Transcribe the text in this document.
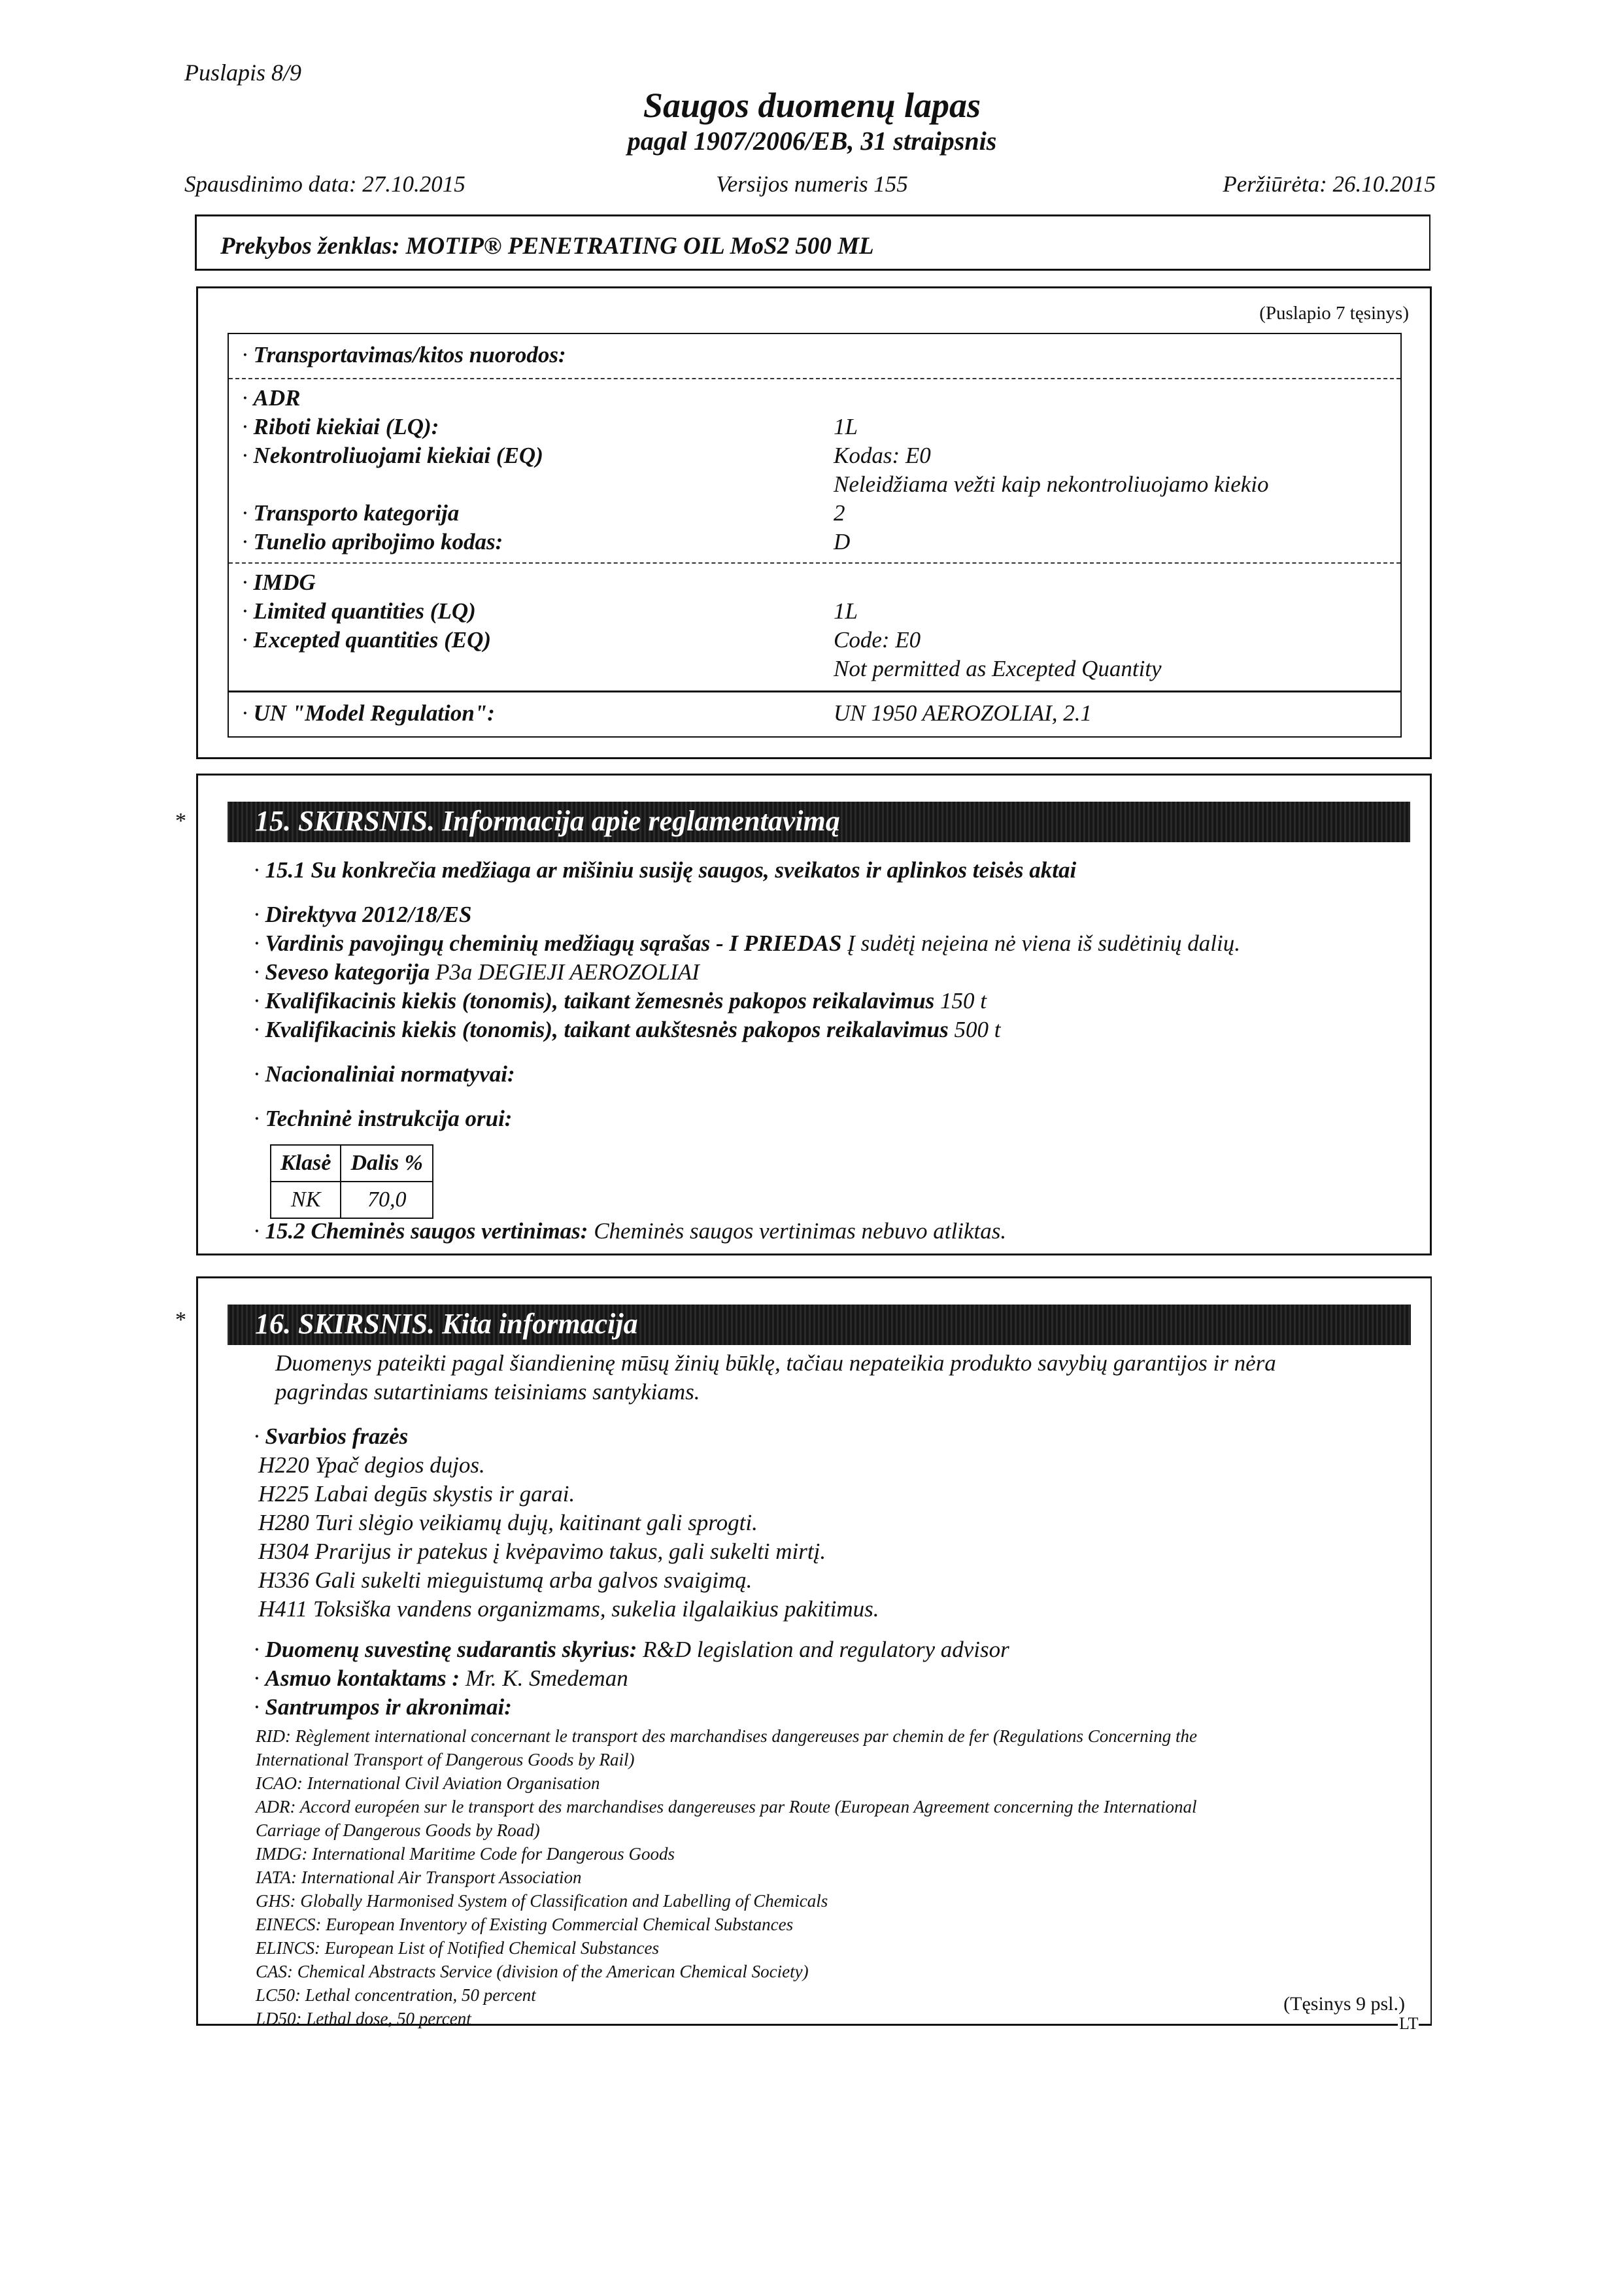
Puslapis 8/9
Saugos duomenų lapas
pagal 1907/2006/EB, 31 straipsnis
Spausdinimo data: 27.10.2015	Versijos numeris 155	Peržiūrėta: 26.10.2015
Prekybos ženklas: MOTIP® PENETRATING OIL MoS2 500 ML
(Puslapio 7 tęsinys)
· Transportavimas/kitos nuorodos:
· ADR
· Riboti kiekiai (LQ):	1L
· Nekontroliuojami kiekiai (EQ)	Kodas: E0
Neleidžiama vežti kaip nekontroliuojamo kiekio
· Transporto kategorija	2
· Tunelio apribojimo kodas:	D
· IMDG
· Limited quantities (LQ)	1L
· Excepted quantities (EQ)	Code: E0
Not permitted as Excepted Quantity
· UN "Model Regulation":	UN 1950 AEROZOLIAI, 2.1
* 15. SKIRSNIS. Informacija apie reglamentavimą
· 15.1 Su konkrečia medžiaga ar mišiniu susiję saugos, sveikatos ir aplinkos teisės aktai
· Direktyva 2012/18/ES
· Vardinis pavojingų cheminių medžiagų sąrašas - I PRIEDAS Į sudėtį neįeina nė viena iš sudėtinių dalių.
· Seveso kategorija P3a DEGIEJI AEROZOLIAI
· Kvalifikacinis kiekis (tonomis), taikant žemesnės pakopos reikalavimus 150 t
· Kvalifikacinis kiekis (tonomis), taikant aukštesnės pakopos reikalavimus 500 t
· Nacionaliniai normatyvai:
· Techninė instrukcija orui:
Klasė	Dalis %
NK	70,0
· 15.2 Cheminės saugos vertinimas: Cheminės saugos vertinimas nebuvo atliktas.
* 16. SKIRSNIS. Kita informacija
Duomenys pateikti pagal šiandieninę mūsų žinių būklę, tačiau nepateikia produkto savybių garantijos ir nėra
pagrindas sutartiniams teisiniams santykiams.
· Svarbios frazės
H220 Ypač degios dujos.
H225 Labai degūs skystis ir garai.
H280 Turi slėgio veikiamų dujų, kaitinant gali sprogti.
H304 Prarijus ir patekus į kvėpavimo takus, gali sukelti mirtį.
H336 Gali sukelti mieguistumą arba galvos svaigimą.
H411 Toksiška vandens organizmams, sukelia ilgalaikius pakitimus.
· Duomenų suvestinę sudarantis skyrius: R&D legislation and regulatory advisor
· Asmuo kontaktams : Mr. K. Smedeman
· Santrumpos ir akronimai:
RID: Règlement international concernant le transport des marchandises dangereuses par chemin de fer (Regulations Concerning the
International Transport of Dangerous Goods by Rail)
ICAO: International Civil Aviation Organisation
ADR: Accord européen sur le transport des marchandises dangereuses par Route (European Agreement concerning the International
Carriage of Dangerous Goods by Road)
IMDG: International Maritime Code for Dangerous Goods
IATA: International Air Transport Association
GHS: Globally Harmonised System of Classification and Labelling of Chemicals
EINECS: European Inventory of Existing Commercial Chemical Substances
ELINCS: European List of Notified Chemical Substances
CAS: Chemical Abstracts Service (division of the American Chemical Society)
LC50: Lethal concentration, 50 percent
LD50: Lethal dose, 50 percent
(Tęsinys 9 psl.)
LT
